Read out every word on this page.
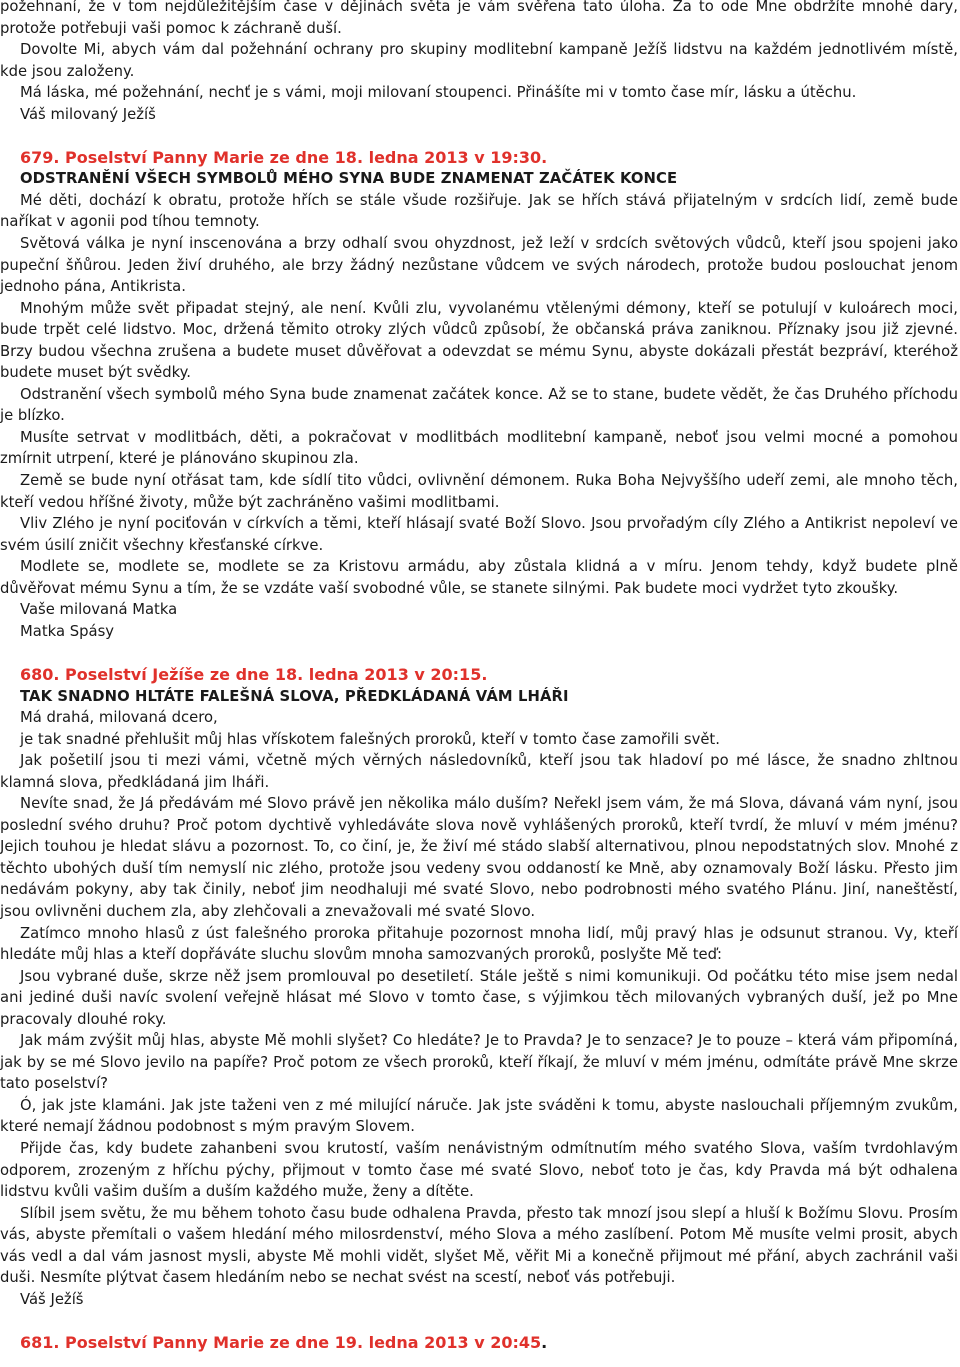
požehnaní, že v tom nejdůležitějším čase v dějinách světa je vám svěřena tato úloha. Za to ode Mne obdržíte mnohé dary, protože potřebuji vaši pomoc k záchraně duší.

Dovolte Mi, abych vám dal požehnání ochrany pro skupiny modlitební kampaně Ježíš lidstvu na každém jednotlivém místě, kde jsou založeny.

Má láska, mé požehnání, nechť je s vámi, moji milovaní stoupenci. Přinášíte mi v tomto čase mír, lásku a útěchu.

Váš milovaný Ježíš

679. Poselství Panny Marie ze dne 18. ledna 2013 v 19:30.

ODSTRANĚNÍ VŠECH SYMBOLŮ MÉHO SYNA BUDE ZNAMENAT ZAČÁTEK KONCE

Mé děti, dochází k obratu, protože hřích se stále všude rozšiřuje. Jak se hřích stává přijatelným v srdcích lidí, země bude naříkat v agonii pod tíhou temnoty.

Světová válka je nyní inscenována a brzy odhalí svou ohyzdnost, jež leží v srdcích světových vůdců, kteří jsou spojeni jako pupeční šňůrou. Jeden živí druhého, ale brzy žádný nezůstane vůdcem ve svých národech, protože budou poslouchat jenom jednoho pána, Antikrista.

Mnohým může svět připadat stejný, ale není. Kvůli zlu, vyvolanému vtělenými démony, kteří se potulují v kuloárech moci, bude trpět celé lidstvo. Moc, držená těmito otroky zlých vůdců způsobí, že občanská práva zaniknou. Příznaky jsou již zjevné. Brzy budou všechna zrušena a budete muset důvěřovat a odevzdat se mému Synu, abyste dokázali přestát bezpráví, kteréhož budete muset být svědky.

Odstranění všech symbolů mého Syna bude znamenat začátek konce. Až se to stane, budete vědět, že čas Druhého příchodu je blízko.

Musíte setrvat v modlitbách, děti, a pokračovat v modlitbách modlitební kampaně, neboť jsou velmi mocné a pomohou zmírnit utrpení, které je plánováno skupinou zla.

Země se bude nyní otřásat tam, kde sídlí tito vůdci, ovlivnění démonem. Ruka Boha Nejvyššího udeří zemi, ale mnoho těch, kteří vedou hříšné životy, může být zachráněno vašimi modlitbami.

Vliv Zlého je nyní pociťován v církvích a těmi, kteří hlásají svaté Boží Slovo. Jsou prvořadým cíly Zlého a Antikrist nepoleví ve svém úsilí zničit všechny křesťanské církve.

Modlete se, modlete se, modlete se za Kristovu armádu, aby zůstala klidná a v míru. Jenom tehdy, když budete plně důvěřovat mému Synu a tím, že se vzdáte vaší svobodné vůle, se stanete silnými. Pak budete moci vydržet tyto zkoušky.

Vaše milovaná Matka

Matka Spásy

680. Poselství Ježíše ze dne 18. ledna 2013 v 20:15.

TAK SNADNO HLTÁTE FALEŠNÁ SLOVA, PŘEDKLÁDANÁ VÁM LHÁŘI

Má drahá, milovaná dcero,

je tak snadné přehlušit můj hlas vřískotem falešných proroků, kteří v tomto čase zamořili svět.

Jak pošetilí jsou ti mezi vámi, včetně mých věrných následovníků, kteří jsou tak hladoví po mé lásce, že snadno zhltnou klamná slova, předkládaná jim lháři.

Nevíte snad, že Já předávám mé Slovo právě jen několika málo duším? Neřekl jsem vám, že má Slova, dávaná vám nyní, jsou poslední svého druhu? Proč potom dychtivě vyhledáváte slova nově vyhlášených proroků, kteří tvrdí, že mluví v mém jménu? Jejich touhou je hledat slávu a pozornost. To, co činí, je, že živí mé stádo slabší alternativou, plnou nepodstatných slov. Mnohé z těchto ubohých duší tím nemyslí nic zlého, protože jsou vedeny svou oddaností ke Mně, aby oznamovaly Boží lásku. Přesto jim nedávám pokyny, aby tak činily, neboť jim neodhaluji mé svaté Slovo, nebo podrobnosti mého svatého Plánu. Jiní, naneštěstí, jsou ovlivněni duchem zla, aby zlehčovali a znevažovali mé svaté Slovo.

Zatímco mnoho hlasů z úst falešného proroka přitahuje pozornost mnoha lidí, můj pravý hlas je odsunut stranou. Vy, kteří hledáte můj hlas a kteří dopřáváte sluchu slovům mnoha samozvaných proroků, poslyšte Mě teď:

Jsou vybrané duše, skrze něž jsem promlouval po desetiletí. Stále ještě s nimi komunikuji. Od počátku této mise jsem nedal ani jediné duši navíc svolení veřejně hlásat mé Slovo v tomto čase, s výjimkou těch milovaných vybraných duší, jež po Mne pracovaly dlouhé roky.

Jak mám zvýšit můj hlas, abyste Mě mohli slyšet? Co hledáte? Je to Pravda? Je to senzace? Je to pouze – která vám připomíná, jak by se mé Slovo jevilo na papíře? Proč potom ze všech proroků, kteří říkají, že mluví v mém jménu, odmítáte právě Mne skrze tato poselství?

Ó, jak jste klamáni. Jak jste taženi ven z mé milující náruče. Jak jste sváděni k tomu, abyste naslouchali příjemným zvukům, které nemají žádnou podobnost s mým pravým Slovem.

Přijde čas, kdy budete zahanbeni svou krutostí, vaším nenávistným odmítnutím mého svatého Slova, vaším tvrdohlavým odporem, zrozeným z hříchu pýchy, přijmout v tomto čase mé svaté Slovo, neboť toto je čas, kdy Pravda má být odhalena lidstvu kvůli vašim duším a duším každého muže, ženy a dítěte.

Slíbil jsem světu, že mu během tohoto času bude odhalena Pravda, přesto tak mnozí jsou slepí a hluší k Božímu Slovu. Prosím vás, abyste přemítali o vašem hledání mého milosrdenství, mého Slova a mého zaslíbení. Potom Mě musíte velmi prosit, abych vás vedl a dal vám jasnost mysli, abyste Mě mohli vidět, slyšet Mě, věřit Mi a konečně přijmout mé přání, abych zachránil vaši duši. Nesmíte plýtvat časem hledáním nebo se nechat svést na scestí, neboť vás potřebuji.

Váš Ježíš

681. Poselství Panny Marie ze dne 19. ledna 2013 v 20:45.
